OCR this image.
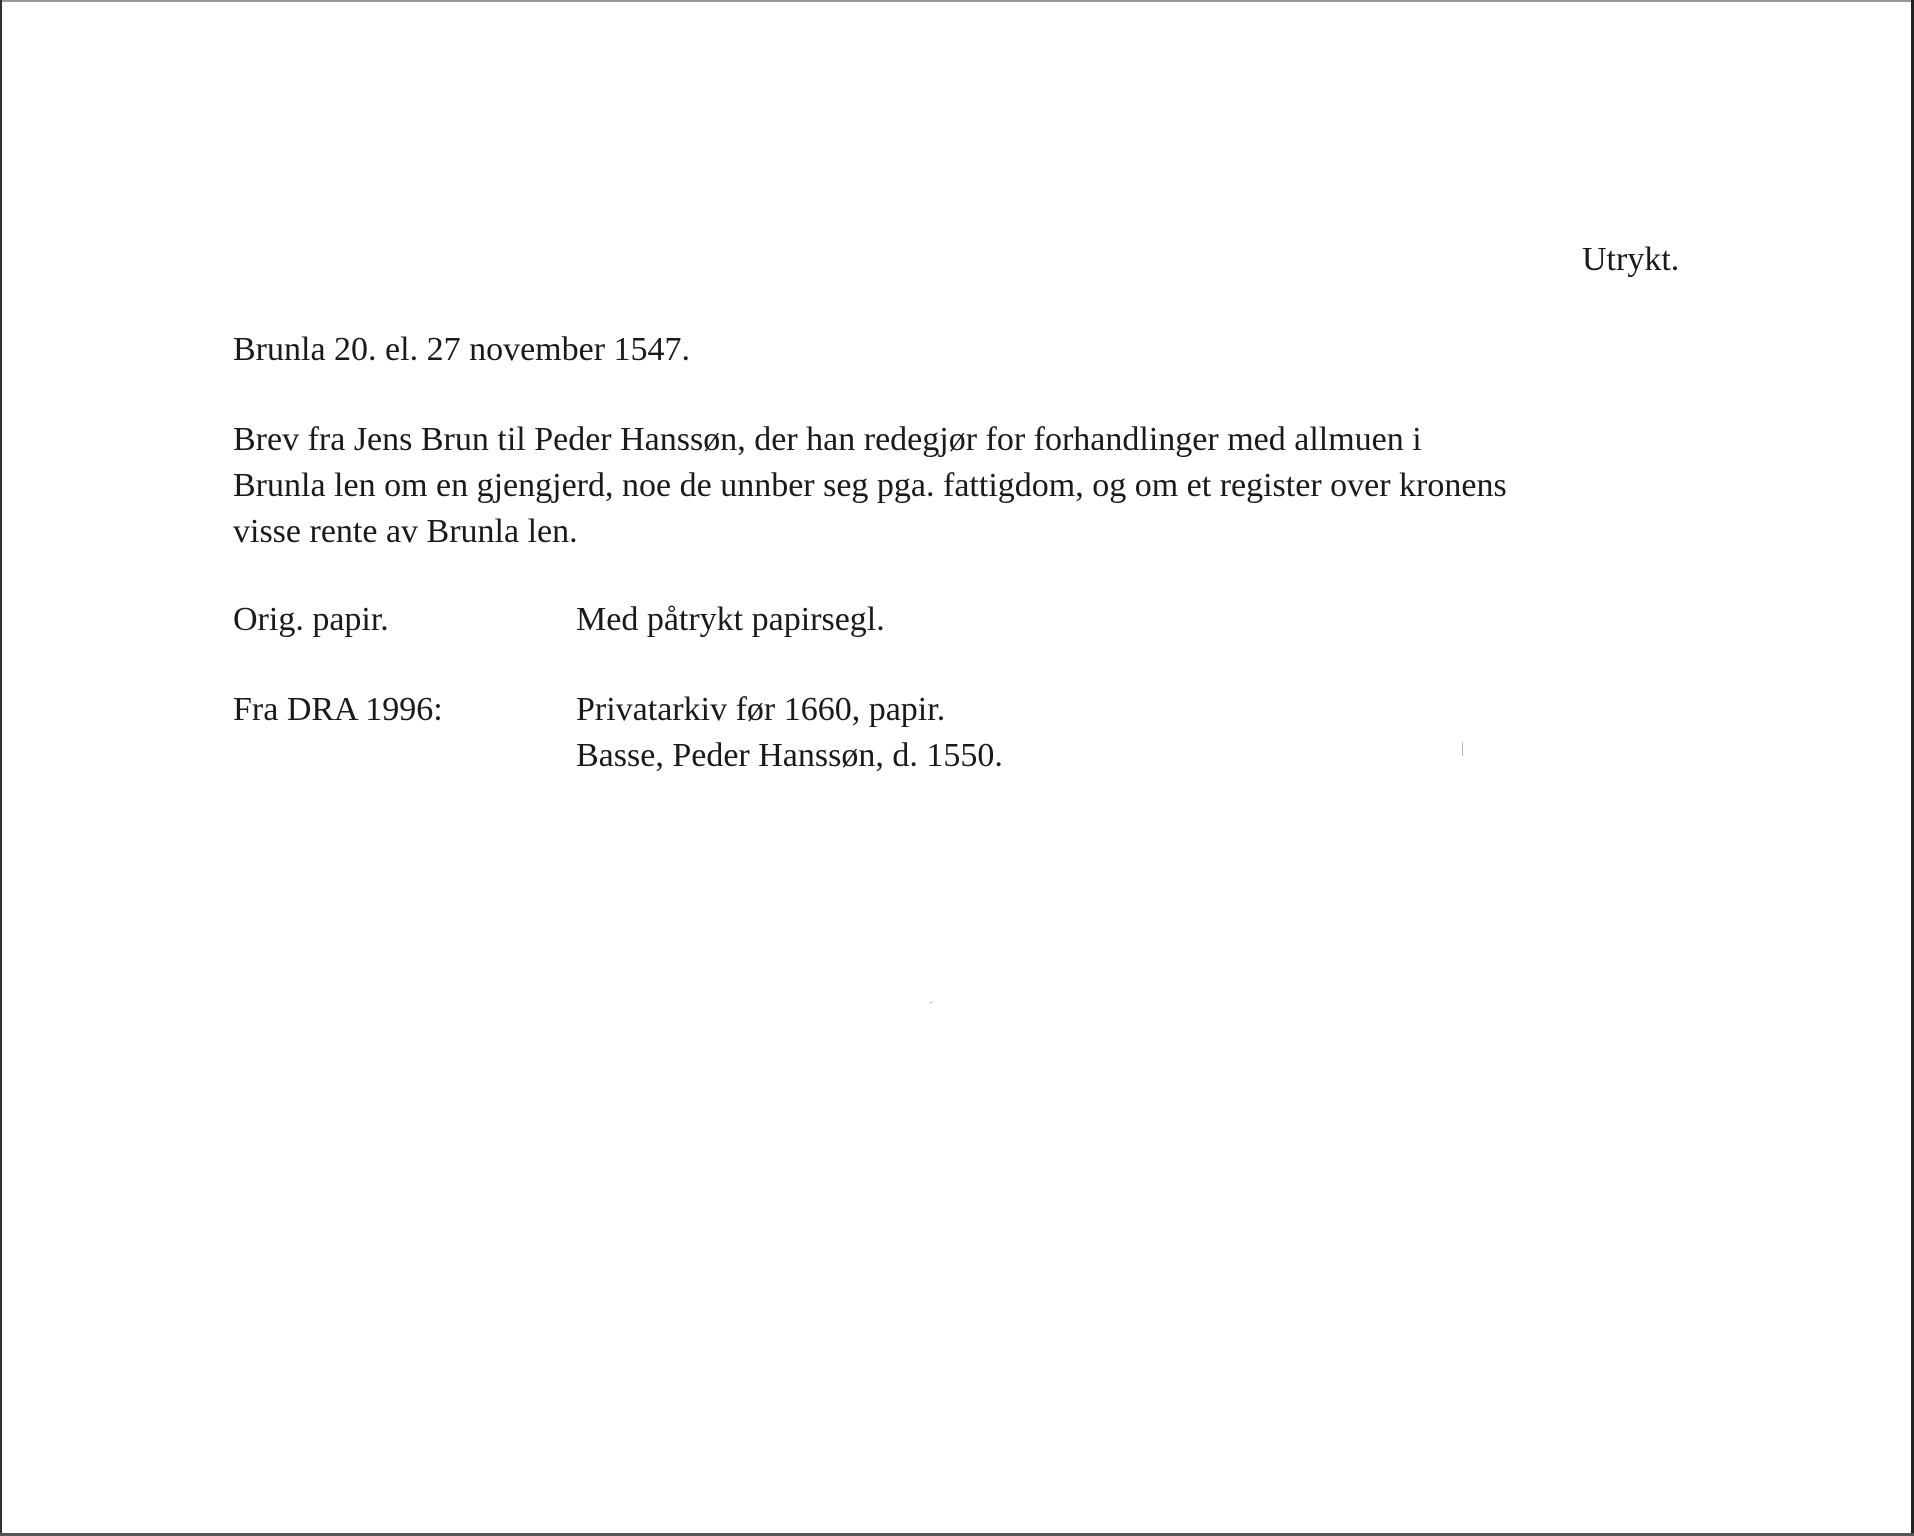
Utrykt.
Brunla 20. el. 27 november 1547.
Brev fra Jens Brun til Peder Hanssøn, der han redegjør for forhandlinger med allmuen i
Brunla len om en gjengjerd, noe de unnber seg pga. fattigdom, og om et register over kronens
visse rente av Brunla len.
Orig. papir.	Med påtrykt papirsegl.
Fra DRA 1996:	Privatarkiv før 1660, papir.
Basse, Peder Hanssøn, d. 1550.
